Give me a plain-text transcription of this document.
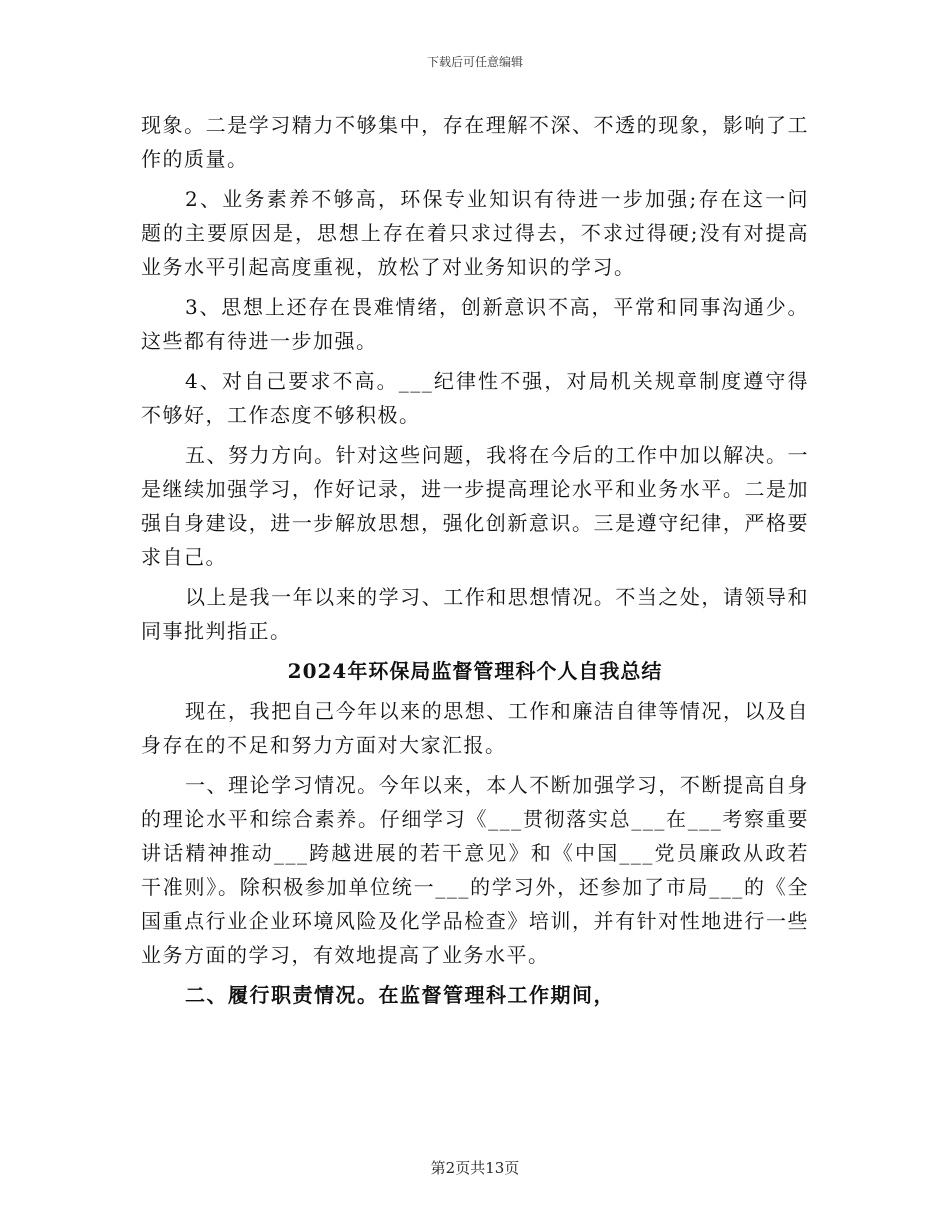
下载后可任意编辑

现象。二是学习精力不够集中，存在理解不深、不透的现象，影响了工作的质量。

2、业务素养不够高，环保专业知识有待进一步加强;存在这一问题的主要原因是，思想上存在着只求过得去，不求过得硬;没有对提高业务水平引起高度重视，放松了对业务知识的学习。

3、思想上还存在畏难情绪，创新意识不高，平常和同事沟通少。这些都有待进一步加强。

4、对自己要求不高。___纪律性不强，对局机关规章制度遵守得不够好，工作态度不够积极。

五、努力方向。针对这些问题，我将在今后的工作中加以解决。一是继续加强学习，作好记录，进一步提高理论水平和业务水平。二是加强自身建设，进一步解放思想，强化创新意识。三是遵守纪律，严格要求自己。

以上是我一年以来的学习、工作和思想情况。不当之处，请领导和同事批判指正。

2024年环保局监督管理科个人自我总结

现在，我把自己今年以来的思想、工作和廉洁自律等情况，以及自身存在的不足和努力方面对大家汇报。

一、理论学习情况。今年以来，本人不断加强学习，不断提高自身的理论水平和综合素养。仔细学习《___贯彻落实总___在___考察重要讲话精神推动___跨越进展的若干意见》和《中国___党员廉政从政若干准则》。除积极参加单位统一___的学习外，还参加了市局___的《全国重点行业企业环境风险及化学品检查》培训，并有针对性地进行一些业务方面的学习，有效地提高了业务水平。

二、履行职责情况。在监督管理科工作期间，

第2页共13页
